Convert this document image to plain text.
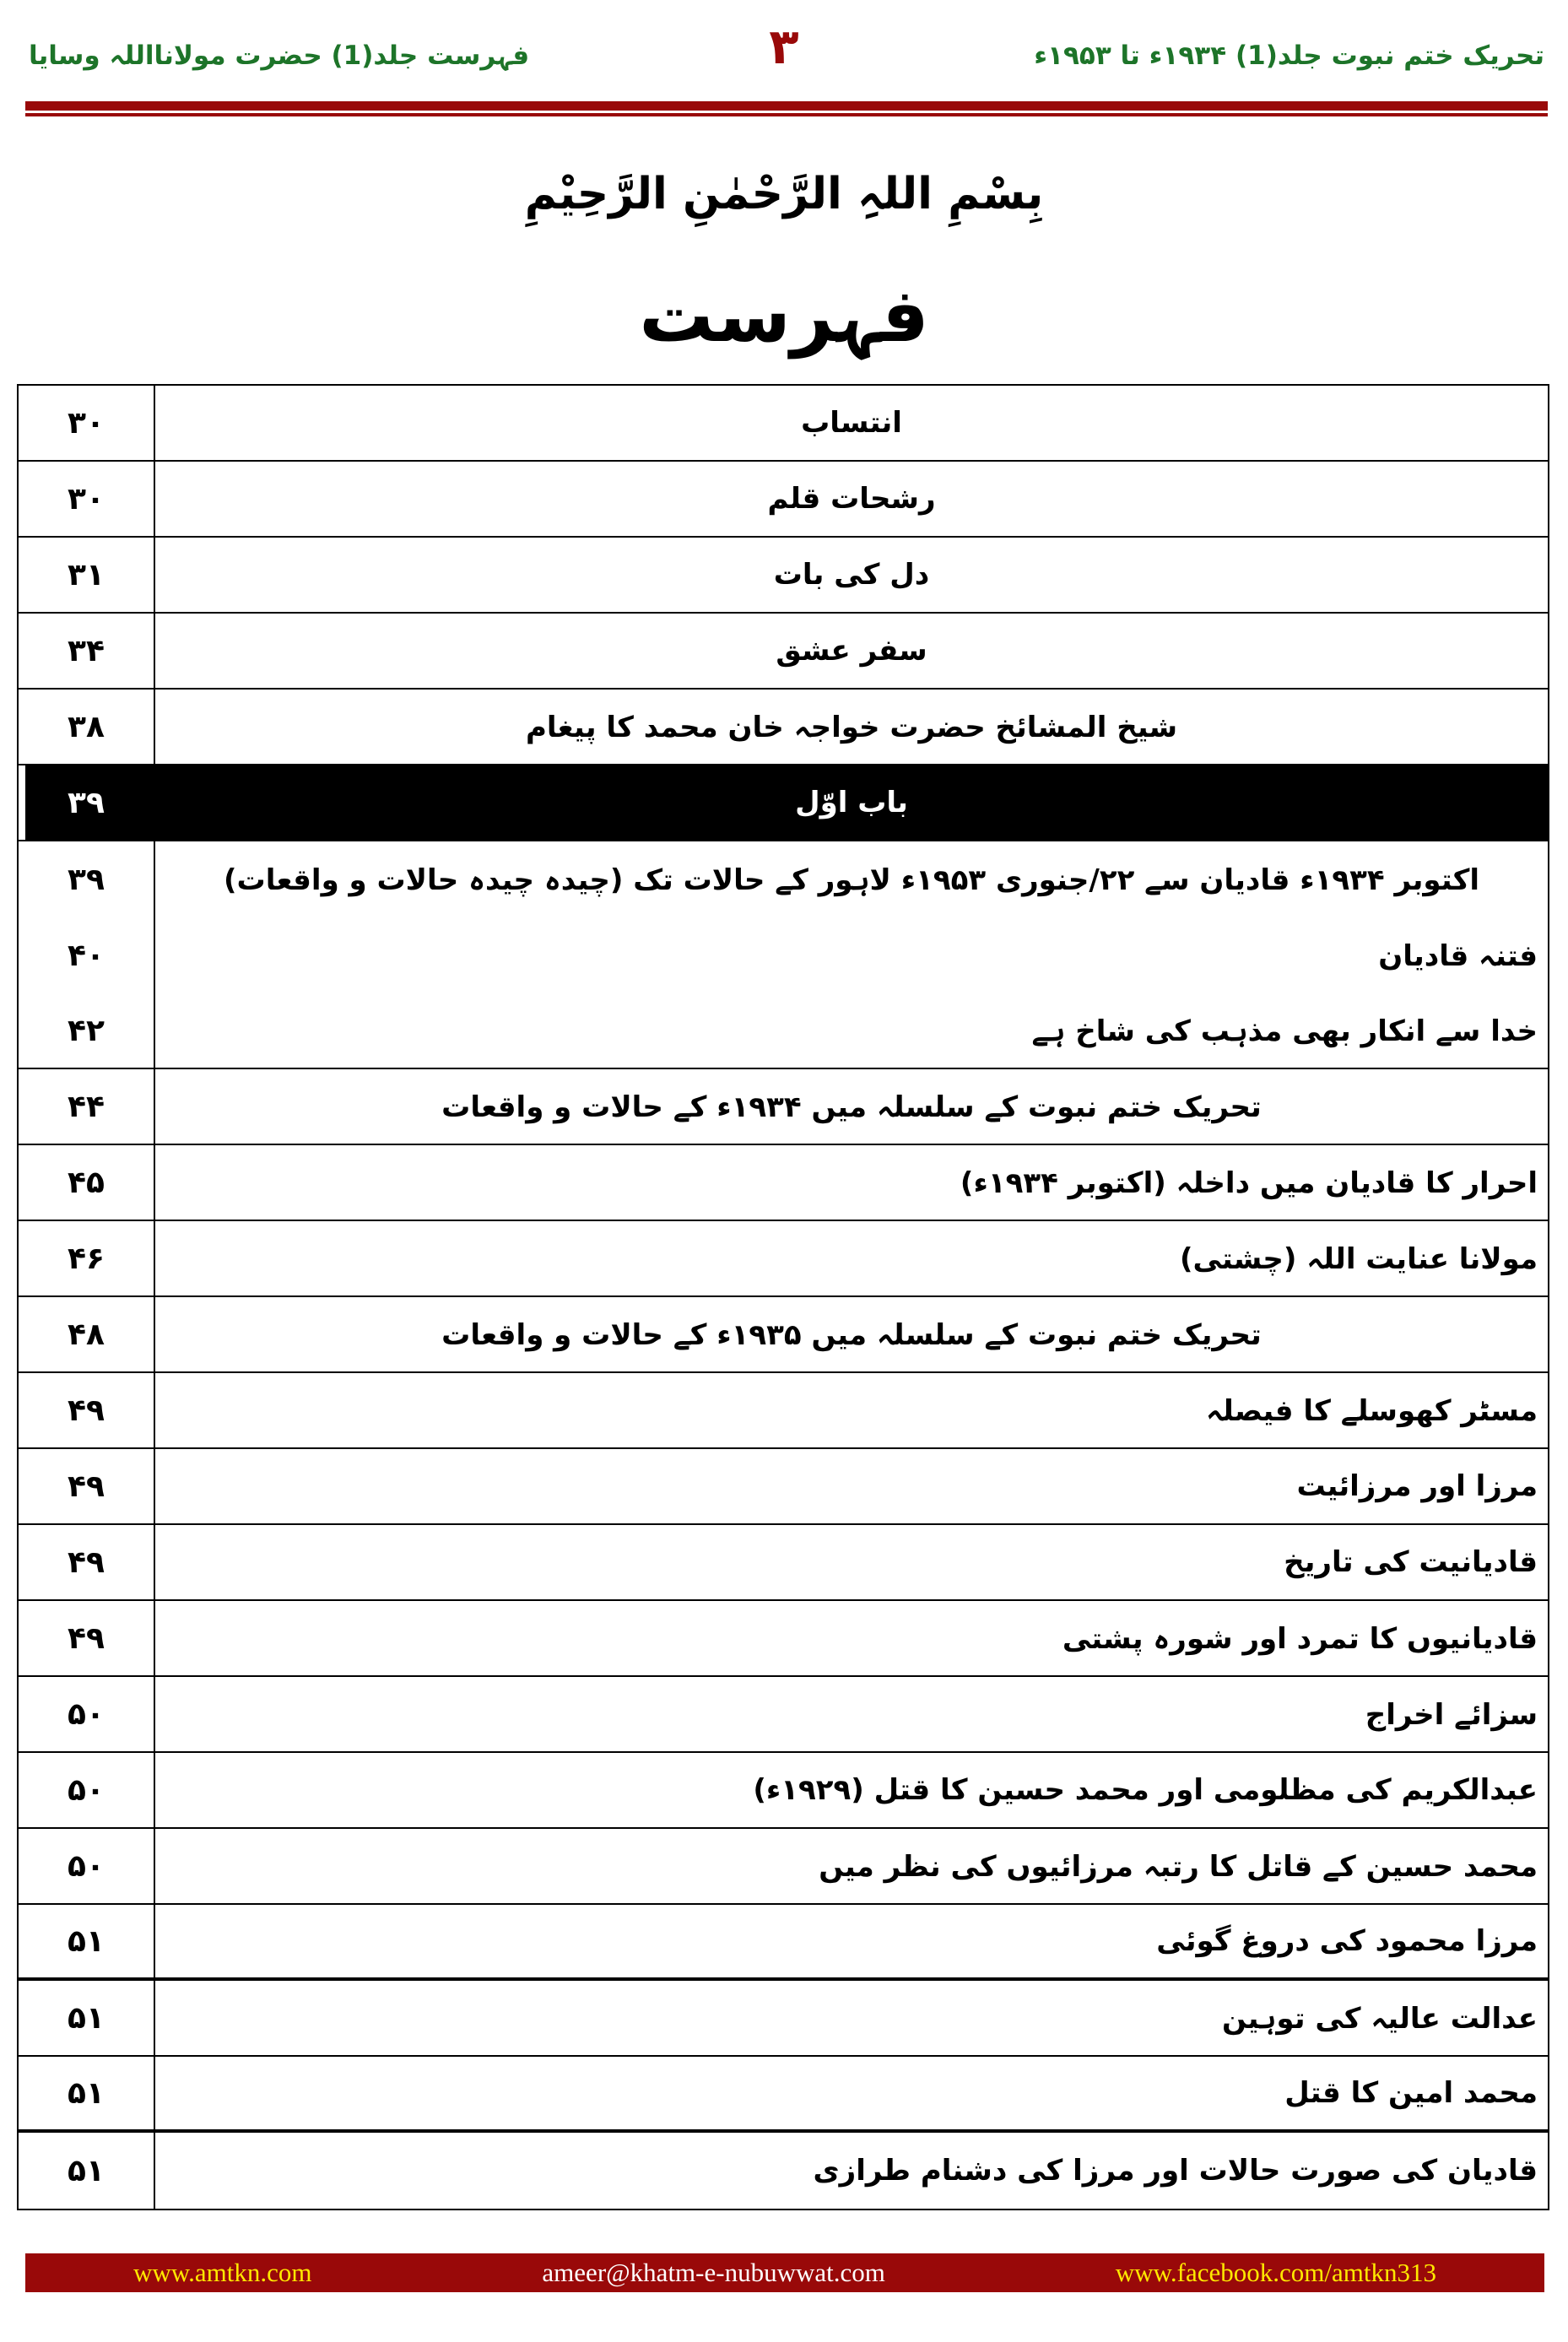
فہرست جلد(1) حضرت مولانااللہ وسایا	۳	تحریک ختم نبوت جلد(1) ۱۹۳۴ء تا ۱۹۵۳ء
بِسْمِ اللہِ الرَّحْمٰنِ الرَّحِیْمِ
فہرست
۳۰	انتساب
۳۰	رشحات قلم
۳۱	دل کی بات
۳۴	سفر عشق
۳۸	شیخ المشائخ حضرت خواجہ خان محمد کا پیغام
۳۹	باب اوّل
۳۹	اکتوبر ۱۹۳۴ء قادیان سے ۲۲/جنوری ۱۹۵۳ء لاہور کے حالات تک (چیدہ چیدہ حالات و واقعات)
۴۰	فتنہ قادیان
۴۲	خدا سے انکار بھی مذہب کی شاخ ہے
۴۴	تحریک ختم نبوت کے سلسلہ میں ۱۹۳۴ء کے حالات و واقعات
۴۵	احرار کا قادیان میں داخلہ (اکتوبر ۱۹۳۴ء)
۴۶	مولانا عنایت اللہ (چشتی)
۴۸	تحریک ختم نبوت کے سلسلہ میں ۱۹۳۵ء کے حالات و واقعات
۴۹	مسٹر کھوسلے کا فیصلہ
۴۹	مرزا اور مرزائیت
۴۹	قادیانیت کی تاریخ
۴۹	قادیانیوں کا تمرد اور شورہ پشتی
۵۰	سزائے اخراج
۵۰	عبدالکریم کی مظلومی اور محمد حسین کا قتل (۱۹۲۹ء)
۵۰	محمد حسین کے قاتل کا رتبہ مرزائیوں کی نظر میں
۵۱	مرزا محمود کی دروغ گوئی
۵۱	عدالت عالیہ کی توہین
۵۱	محمد امین کا قتل
۵۱	قادیان کی صورت حالات اور مرزا کی دشنام طرازی
www.amtkn.com	ameer@khatm-e-nubuwwat.com	www.facebook.com/amtkn313
